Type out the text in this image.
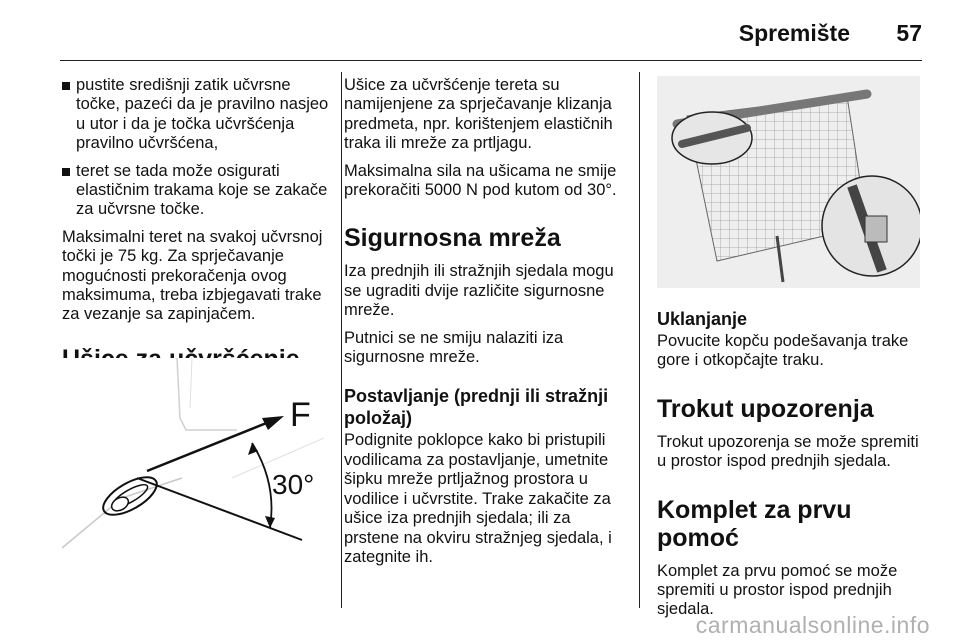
Spremište	57
pustite središnji zatik učvrsne točke, pazeći da je pravilno nasjeo u utor i da je točka učvršćenja pravilno učvršćena,
teret se tada može osigurati elastičnim trakama koje se zakače za učvrsne točke.

Maksimalni teret na svakoj učvrsnoj točki je 75 kg. Za sprječavanje mogućnosti prekoračenja ovog maksimuma, treba izbjegavati trake za vezanje sa zapinjačem.

F
30°

Ušice za učvršćenje tereta su namijenjene za sprječavanje klizanja predmeta, npr. korištenjem elastičnih traka ili mreže za prtljagu.

Maksimalna sila na ušicama ne smije prekoračiti 5000 N pod kutom od 30°.

Sigurnosna mreža

Iza prednjih ili stražnjih sjedala mogu se ugraditi dvije različite sigurnosne mreže.

Putnici se ne smiju nalaziti iza sigurnosne mreže.

Postavljanje (prednji ili stražnji položaj)

Podignite poklopce kako bi pristupili vodilicama za postavljanje, umetnite šipku mreže prtljažnog prostora u vodilice i učvrstite. Trake zakačite za ušice iza prednjih sjedala; ili za prstene na okviru stražnjeg sjedala, i zategnite ih.

Uklanjanje

Povucite kopču podešavanja trake gore i otkopčajte traku.

Trokut upozorenja

Trokut upozorenja se može spremiti u prostor ispod prednjih sjedala.

Komplet za prvu pomoć

Komplet za prvu pomoć se može spremiti u prostor ispod prednjih sjedala.

carmanualsonline.info
